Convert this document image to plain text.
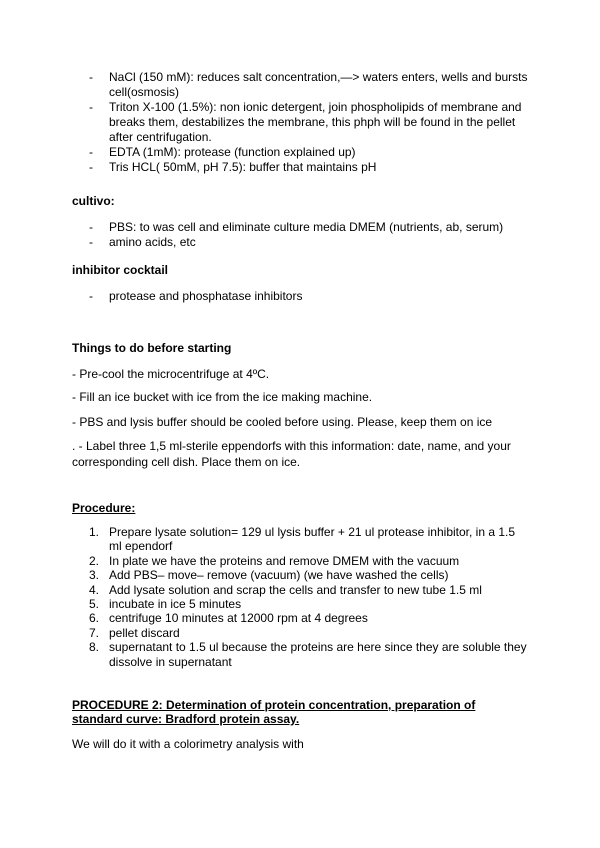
- NaCl (150 mM): reduces salt concentration,—> waters enters, wells and bursts cell(osmosis)
- Triton X-100 (1.5%): non ionic detergent, join phospholipids of membrane and breaks them, destabilizes the membrane, this phph will be found in the pellet after centrifugation.
- EDTA (1mM): protease (function explained up)
- Tris HCL( 50mM, pH 7.5): buffer that maintains pH
cultivo:
- PBS: to was cell and eliminate culture media DMEM (nutrients, ab, serum)
- amino acids, etc
inhibitor cocktail
- protease and phosphatase inhibitors
Things to do before starting
- Pre-cool the microcentrifuge at 4ºC.
- Fill an ice bucket with ice from the ice making machine.
- PBS and lysis buffer should be cooled before using. Please, keep them on ice
. - Label three 1,5 ml-sterile eppendorfs with this information: date, name, and your corresponding cell dish. Place them on ice.
Procedure:
1. Prepare lysate solution= 129 ul lysis buffer + 21 ul protease inhibitor, in a 1.5 ml ependorf
2. In plate we have the proteins and remove DMEM with the vacuum
3. Add PBS– move– remove (vacuum) (we have washed the cells)
4. Add lysate solution and scrap the cells and transfer to new tube 1.5 ml
5. incubate in ice 5 minutes
6. centrifuge 10 minutes at 12000 rpm at 4 degrees
7. pellet discard
8. supernatant to 1.5 ul because the proteins are here since they are soluble they dissolve in supernatant
PROCEDURE 2: Determination of protein concentration, preparation of
standard curve: Bradford protein assay.
We will do it with a colorimetry analysis with
